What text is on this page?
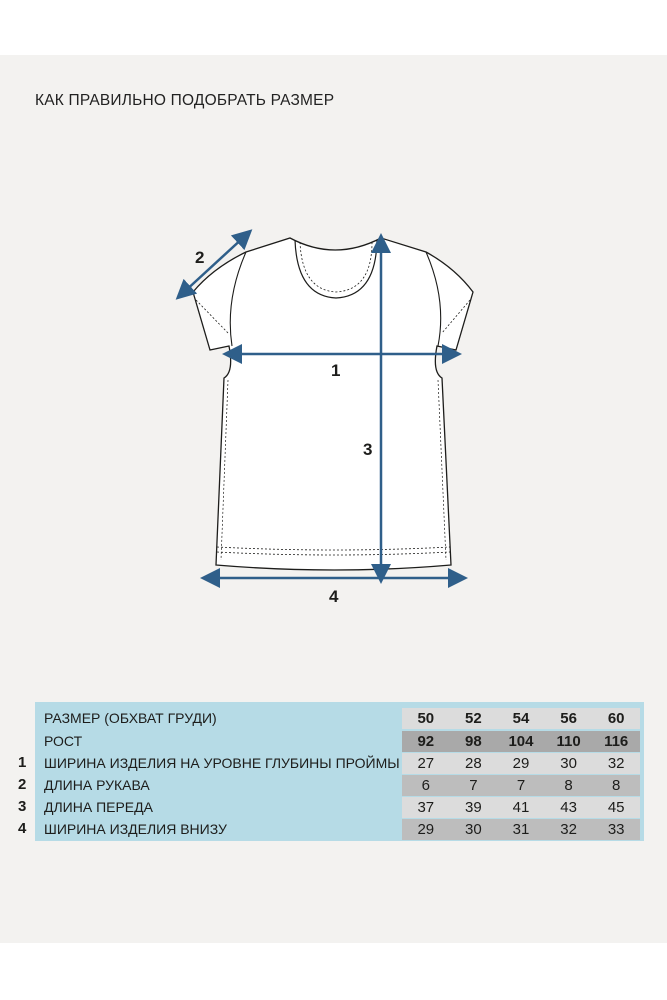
КАК ПРАВИЛЬНО ПОДОБРАТЬ РАЗМЕР
1
2
3
4
1
2
3
4
РАЗМЕР (ОБХВАТ ГРУДИ)	50	52	54	56	60
РОСТ	92	98	104	110	116
ШИРИНА ИЗДЕЛИЯ НА УРОВНЕ ГЛУБИНЫ ПРОЙМЫ	27	28	29	30	32
ДЛИНА РУКАВА	6	7	7	8	8
ДЛИНА ПЕРЕДА	37	39	41	43	45
ШИРИНА ИЗДЕЛИЯ ВНИЗУ	29	30	31	32	33
